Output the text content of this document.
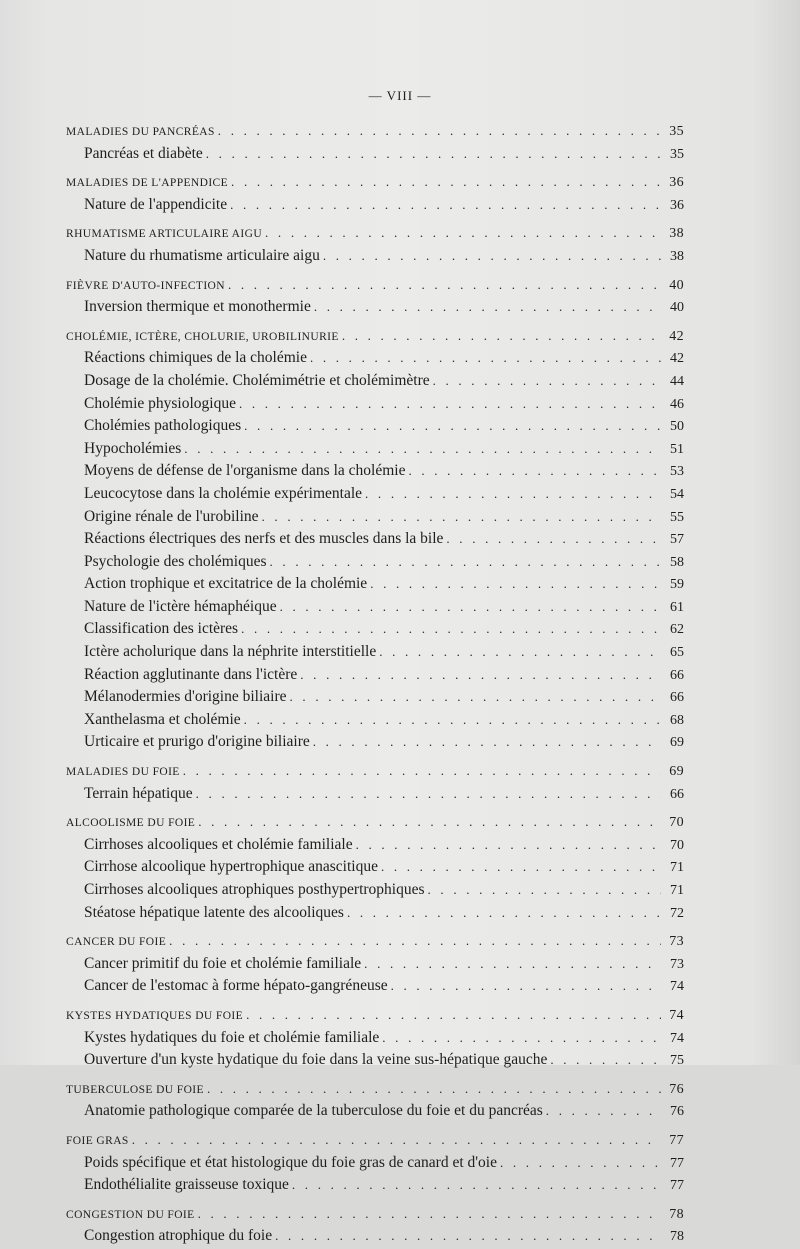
— VIII —
MALADIES DU PANCRÉAS . . .	35
Pancréas et diabète . . .	35
MALADIES DE L'APPENDICE . . .	36
Nature de l'appendicite . . .	36
RHUMATISME ARTICULAIRE AIGU . . .	38
Nature du rhumatisme articulaire aigu . . .	38
FIÈVRE D'AUTO-INFECTION . . .	40
Inversion thermique et monothermie . . .	40
CHOLÉMIE, ICTÈRE, CHOLURIE, UROBILINURIE . . .	42
Réactions chimiques de la cholémie . . .	42
Dosage de la cholémie. Cholémimétrie et cholémimètre . . .	44
Cholémie physiologique . . .	46
Cholémies pathologiques . . .	50
Hypocholémies . . .	51
Moyens de défense de l'organisme dans la cholémie . . .	53
Leucocytose dans la cholémie expérimentale . . .	54
Origine rénale de l'urobiline . . .	55
Réactions électriques des nerfs et des muscles dans la bile . . .	57
Psychologie des cholémiques . . .	58
Action trophique et excitatrice de la cholémie . . .	59
Nature de l'ictère hémaphéique . . .	61
Classification des ictères . . .	62
Ictère acholurique dans la néphrite interstitielle . . .	65
Réaction agglutinante dans l'ictère . . .	66
Mélanodermies d'origine biliaire . . .	66
Xanthelasma et cholémie . . .	68
Urticaire et prurigo d'origine biliaire . . .	69
MALADIES DU FOIE . . .	69
Terrain hépatique . . .	66
ALCOOLISME DU FOIE . . .	70
Cirrhoses alcooliques et cholémie familiale . . .	70
Cirrhose alcoolique hypertrophique anascitique . . .	71
Cirrhoses alcooliques atrophiques posthypertrophiques . . .	71
Stéatose hépatique latente des alcooliques . . .	72
CANCER DU FOIE . . .	73
Cancer primitif du foie et cholémie familiale . . .	73
Cancer de l'estomac à forme hépato-gangréneuse . . .	74
KYSTES HYDATIQUES DU FOIE . . .	74
Kystes hydatiques du foie et cholémie familiale . . .	74
Ouverture d'un kyste hydatique du foie dans la veine sus-hépatique gauche . . .	75
TUBERCULOSE DU FOIE . . .	76
Anatomie pathologique comparée de la tuberculose du foie et du pancréas . . .	76
FOIE GRAS . . .	77
Poids spécifique et état histologique du foie gras de canard et d'oie . . .	77
Endothélialite graisseuse toxique . . .	77
CONGESTION DU FOIE . . .	78
Congestion atrophique du foie . . .	78
